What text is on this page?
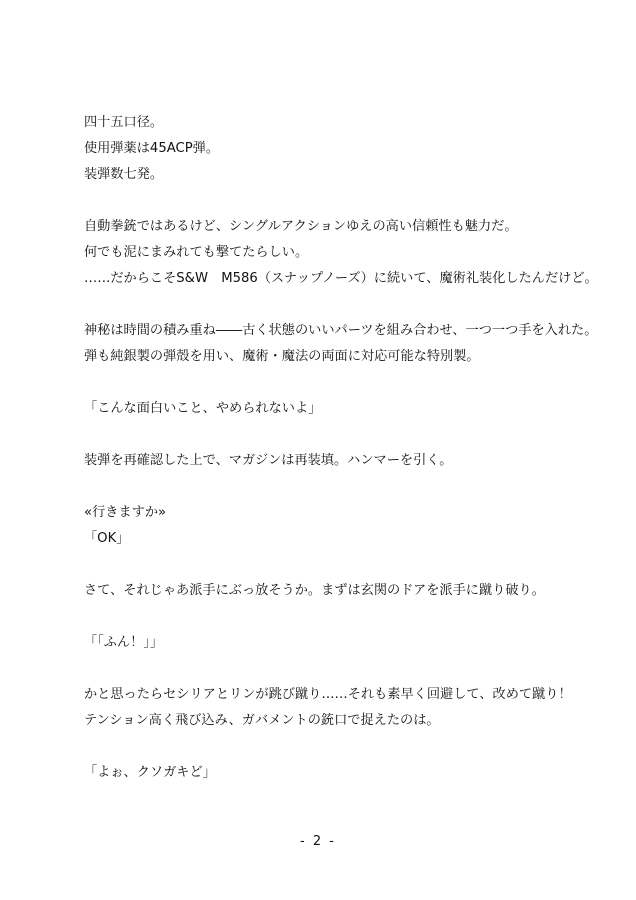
四十五口径。
使用弾薬は45ACP弾。
装弾数七発。
自動拳銃ではあるけど、シングルアクションゆえの高い信頼性も魅力だ。
何でも泥にまみれても撃てたらしい。
……だからこそS&W　M586（スナップノーズ）に続いて、魔術礼装化したんだけど。
神秘は時間の積み重ね――古く状態のいいパーツを組み合わせ、一つ一つ手を入れた。
弾も純銀製の弾殻を用い、魔術・魔法の両面に対応可能な特別製。
「こんな面白いこと、やめられないよ」
装弾を再確認した上で、マガジンは再装填。ハンマーを引く。
«行きますか»
「OK」
さて、それじゃあ派手にぶっ放そうか。まずは玄関のドアを派手に蹴り破り。
「「ふん！」」
かと思ったらセシリアとリンが跳び蹴り……それも素早く回避して、改めて蹴り！
テンション高く飛び込み、ガバメントの銃口で捉えたのは。
「よぉ、クソガキど」
- 2 -
